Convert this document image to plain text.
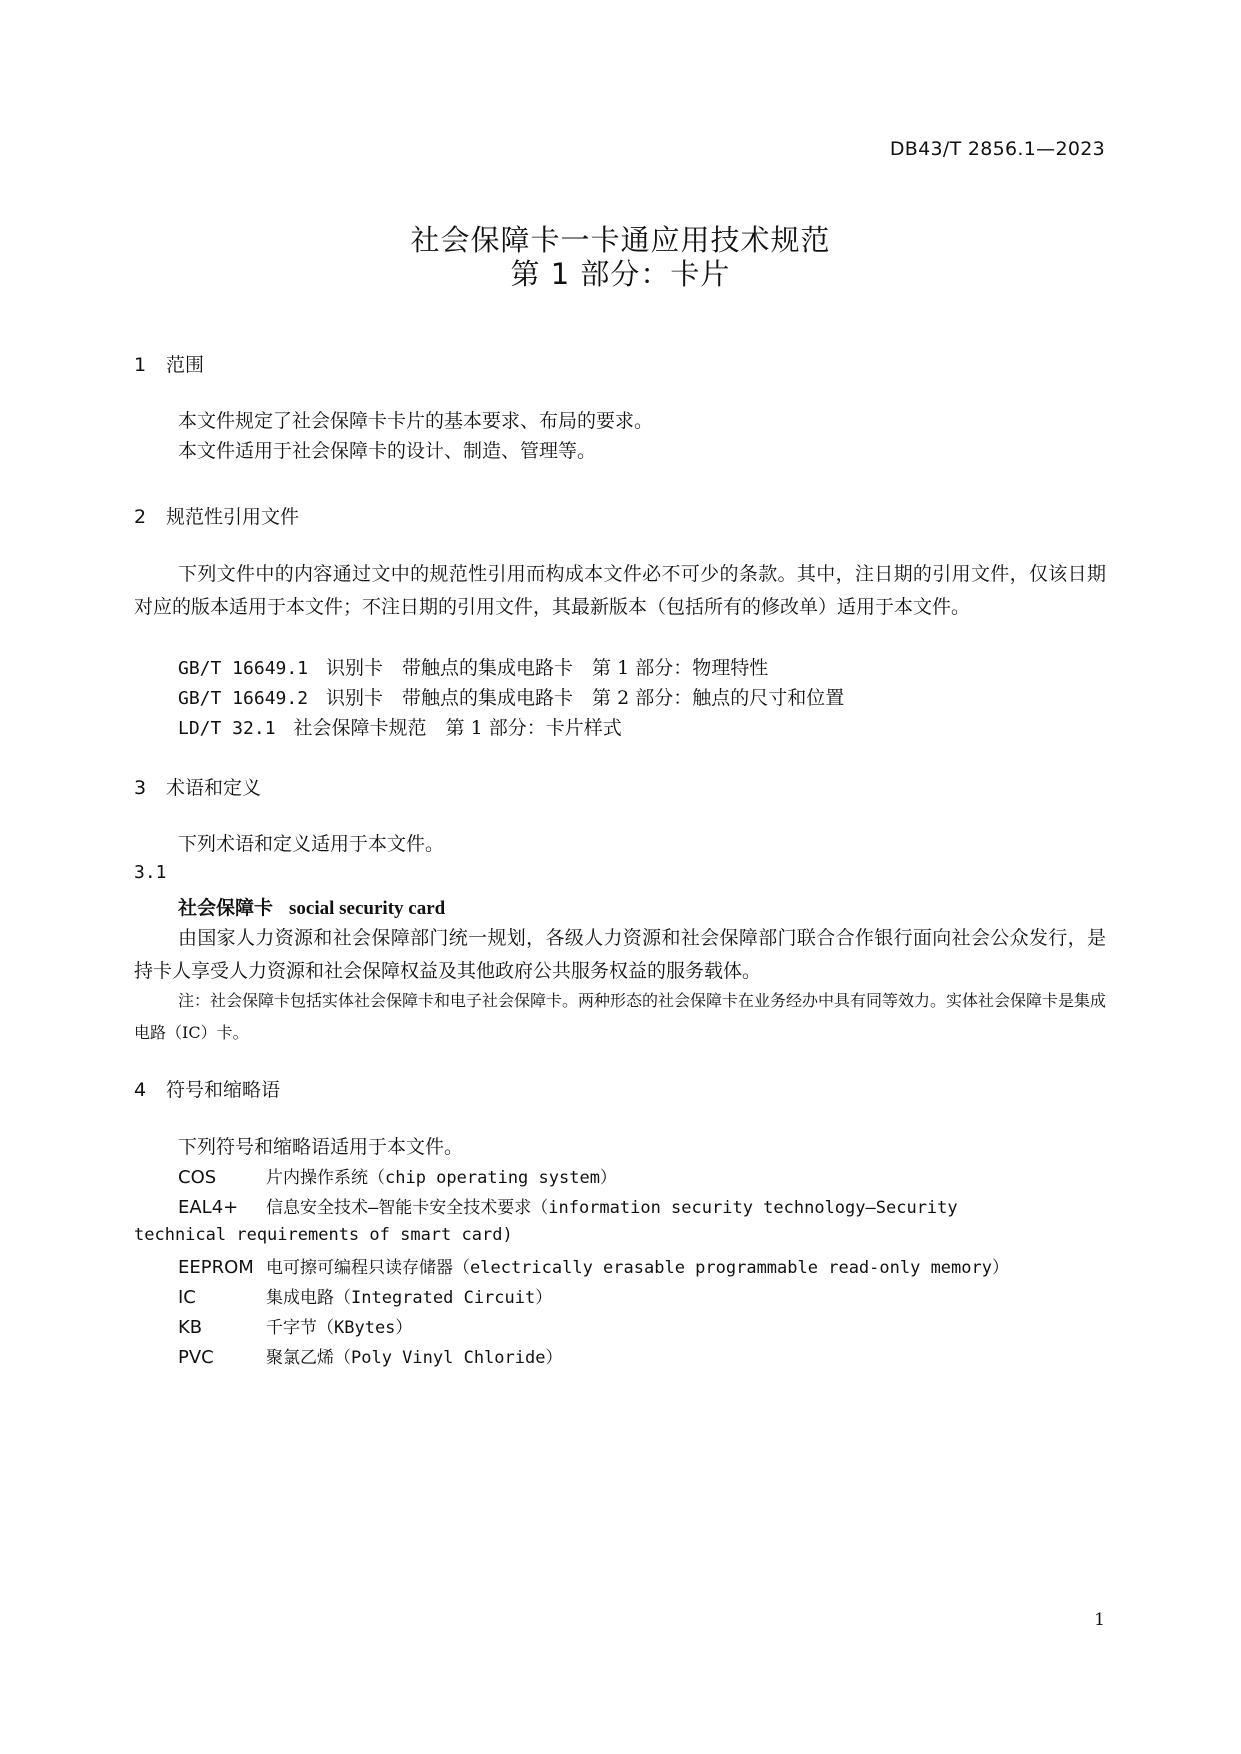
DB43/T 2856.1—2023
社会保障卡一卡通应用技术规范
第 1 部分：卡片
1 范围
本文件规定了社会保障卡卡片的基本要求、布局的要求。
本文件适用于社会保障卡的设计、制造、管理等。
2 规范性引用文件
下列文件中的内容通过文中的规范性引用而构成本文件必不可少的条款。其中，注日期的引用文件，仅该日期对应的版本适用于本文件；不注日期的引用文件，其最新版本（包括所有的修改单）适用于本文件。
GB/T 16649.1 识别卡　带触点的集成电路卡　第 1 部分：物理特性
GB/T 16649.2 识别卡　带触点的集成电路卡　第 2 部分：触点的尺寸和位置
LD/T 32.1 社会保障卡规范　第 1 部分：卡片样式
3 术语和定义
下列术语和定义适用于本文件。
3.1
社会保障卡 social security card
由国家人力资源和社会保障部门统一规划，各级人力资源和社会保障部门联合合作银行面向社会公众发行，是持卡人享受人力资源和社会保障权益及其他政府公共服务权益的服务载体。
注：社会保障卡包括实体社会保障卡和电子社会保障卡。两种形态的社会保障卡在业务经办中具有同等效力。实体社会保障卡是集成电路（IC）卡。
4 符号和缩略语
下列符号和缩略语适用于本文件。
COS	片内操作系统（chip operating system）
EAL4+ 信息安全技术—智能卡安全技术要求（information security technology—Security
technical requirements of smart card)
EEPROM 电可擦可编程只读存储器（electrically erasable programmable read-only memory）
IC	集成电路（Integrated Circuit）
KB	千字节（KBytes）
PVC	聚氯乙烯（Poly Vinyl Chloride）
1
